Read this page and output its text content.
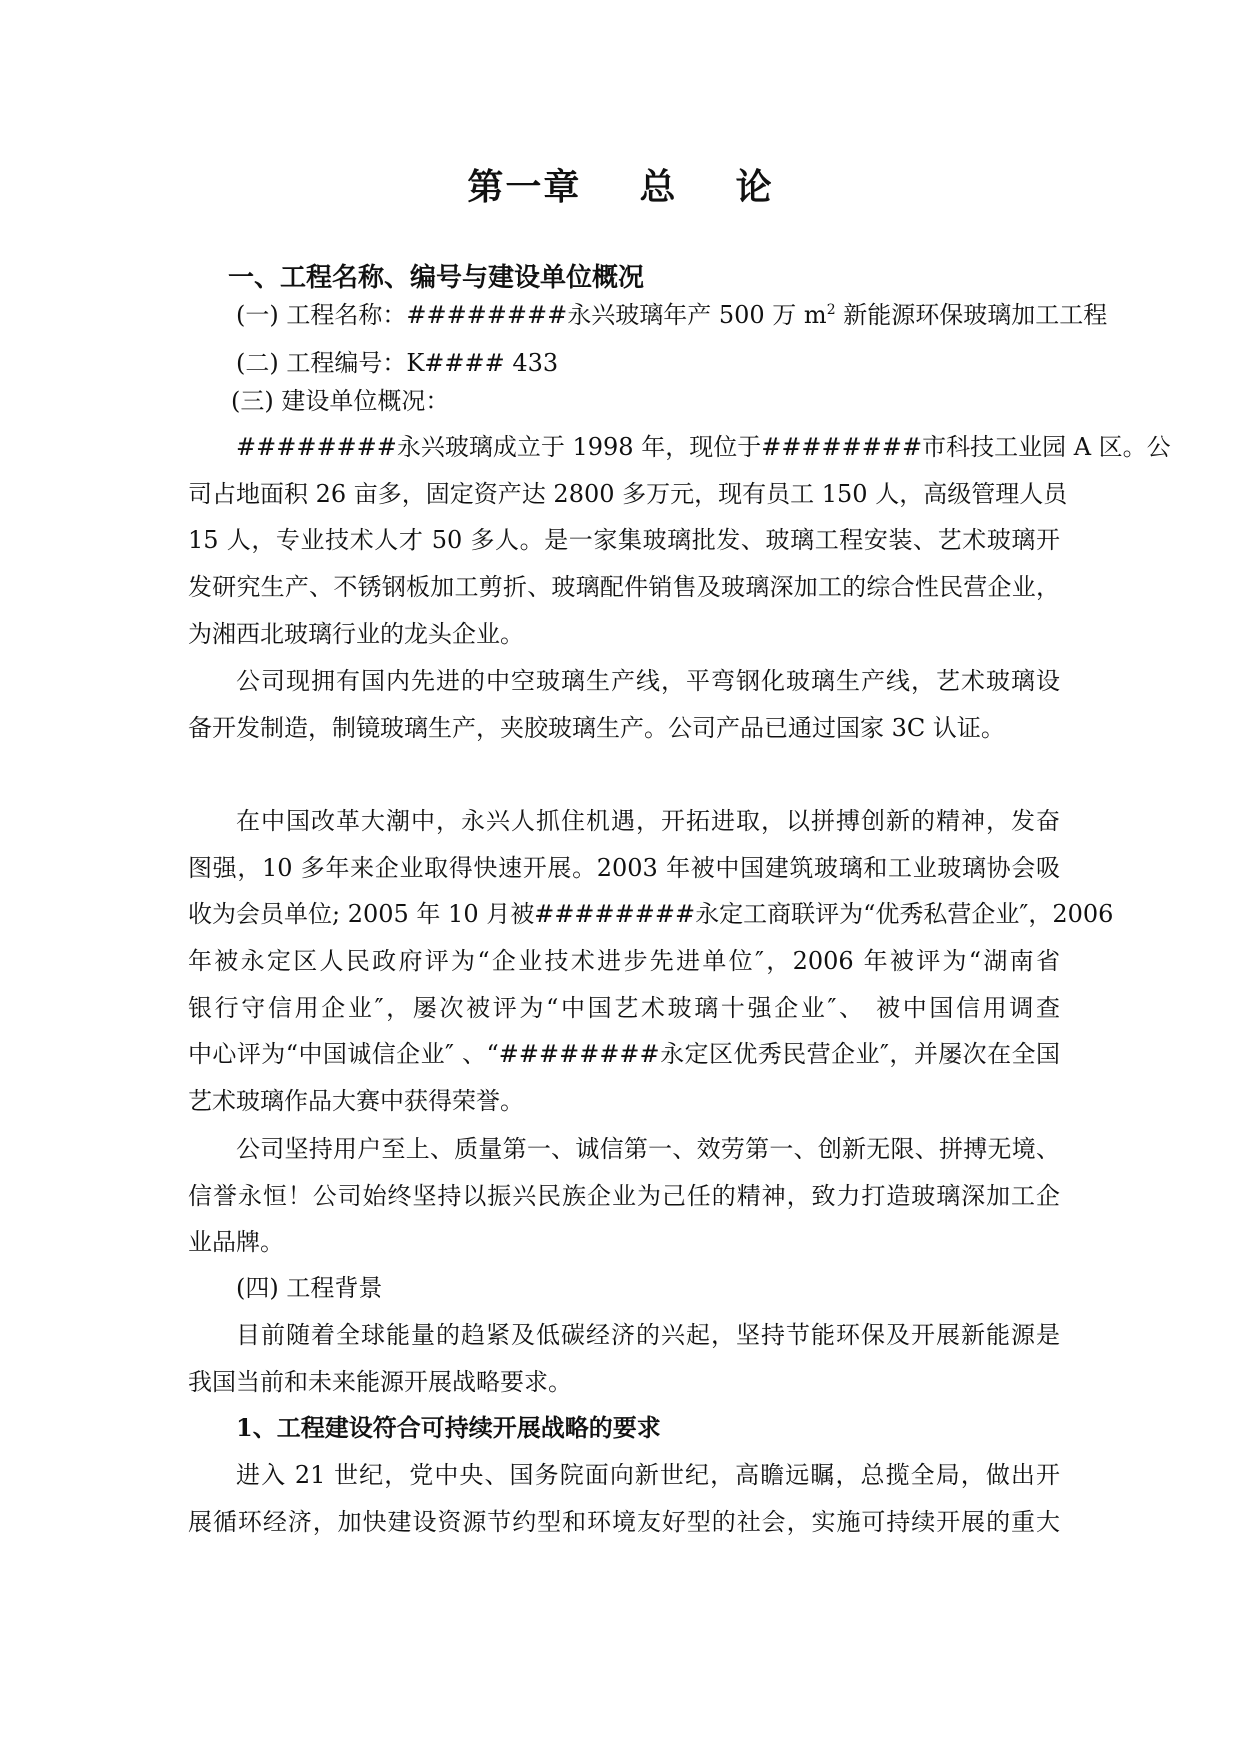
第一章    总    论
一、工程名称、编号与建设单位概况
(一) 工程名称：########永兴玻璃年产 500 万 $m^2$ 新能源环保玻璃加工工程
(二) 工程编号：K#### 433
(三) 建设单位概况：
########永兴玻璃成立于 1998 年，现位于########市科技工业园 A 区。公
司占地面积 26 亩多，固定资产达 2800 多万元，现有员工 150 人，高级管理人员
15 人，专业技术人才 50 多人。是一家集玻璃批发、玻璃工程安装、艺术玻璃开
发研究生产、不锈钢板加工剪折、玻璃配件销售及玻璃深加工的综合性民营企业，
为湘西北玻璃行业的龙头企业。
公司现拥有国内先进的中空玻璃生产线，平弯钢化玻璃生产线，艺术玻璃设
备开发制造，制镜玻璃生产，夹胶玻璃生产。公司产品已通过国家 3C 认证。
在中国改革大潮中，永兴人抓住机遇，开拓进取，以拼搏创新的精神，发奋
图强，10 多年来企业取得快速开展。2003 年被中国建筑玻璃和工业玻璃协会吸
收为会员单位; 2005 年 10 月被########永定工商联评为“优秀私营企业″，2006
年被永定区人民政府评为“企业技术进步先进单位″，2006 年被评为“湖南省
银行守信用企业″，屡次被评为“中国艺术玻璃十强企业″、 被中国信用调查
中心评为“中国诚信企业″ 、“########永定区优秀民营企业″，并屡次在全国
艺术玻璃作品大赛中获得荣誉。
公司坚持用户至上、质量第一、诚信第一、效劳第一、创新无限、拼搏无境、
信誉永恒！公司始终坚持以振兴民族企业为己任的精神，致力打造玻璃深加工企
业品牌。
(四) 工程背景
目前随着全球能量的趋紧及低碳经济的兴起，坚持节能环保及开展新能源是
我国当前和未来能源开展战略要求。
1、工程建设符合可持续开展战略的要求
进入 21 世纪，党中央、国务院面向新世纪，高瞻远瞩，总揽全局，做出开
展循环经济，加快建设资源节约型和环境友好型的社会，实施可持续开展的重大
